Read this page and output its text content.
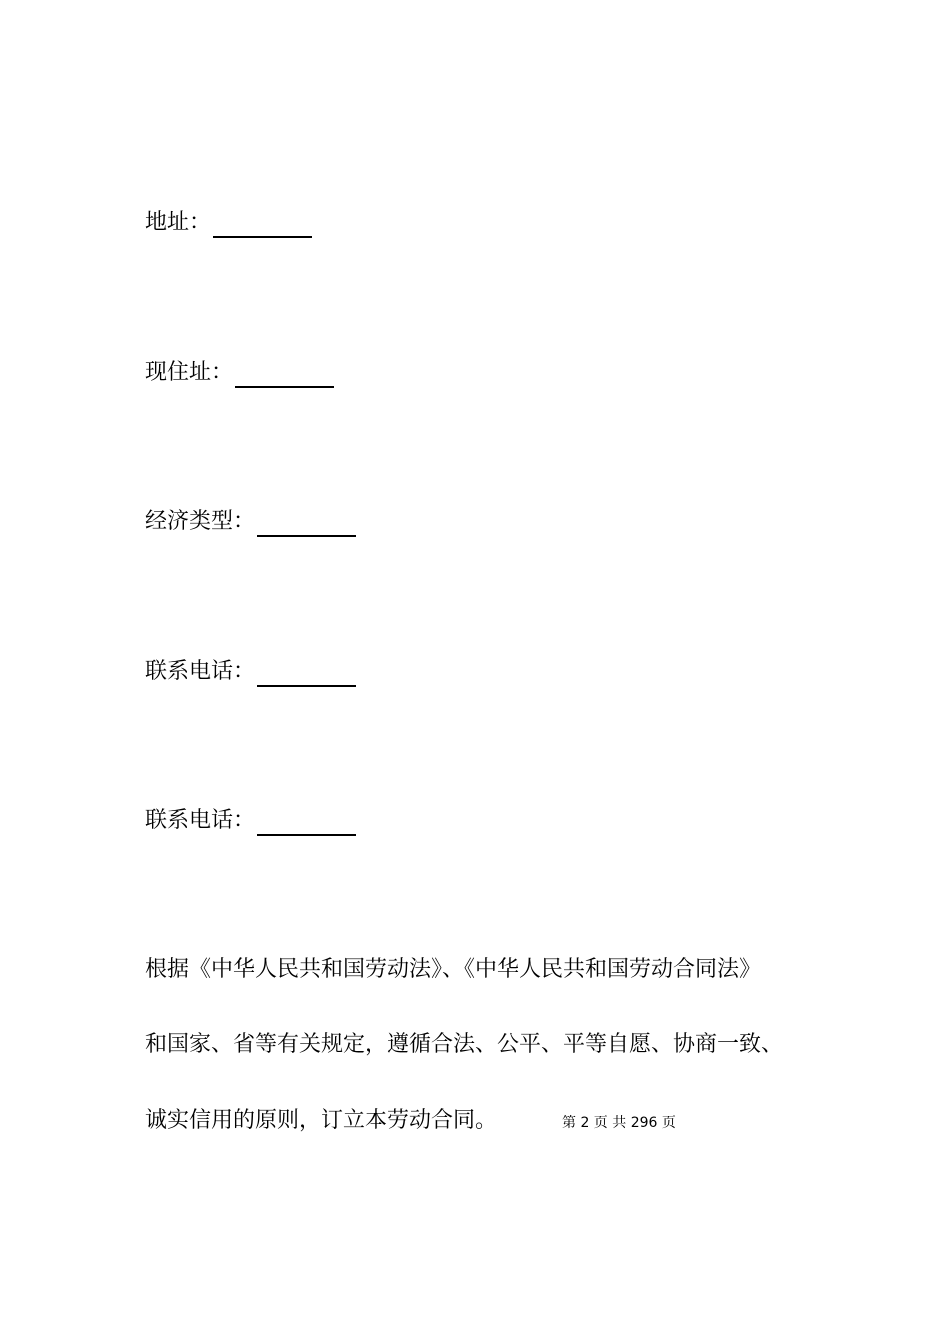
地址：
现住址：
经济类型：
联系电话：
联系电话：
根据《中华人民共和国劳动法》、《中华人民共和国劳动合同法》
和国家、省等有关规定，遵循合法、公平、平等自愿、协商一致、
诚实信用的原则，订立本劳动合同。	第 2 页 共 296 页
